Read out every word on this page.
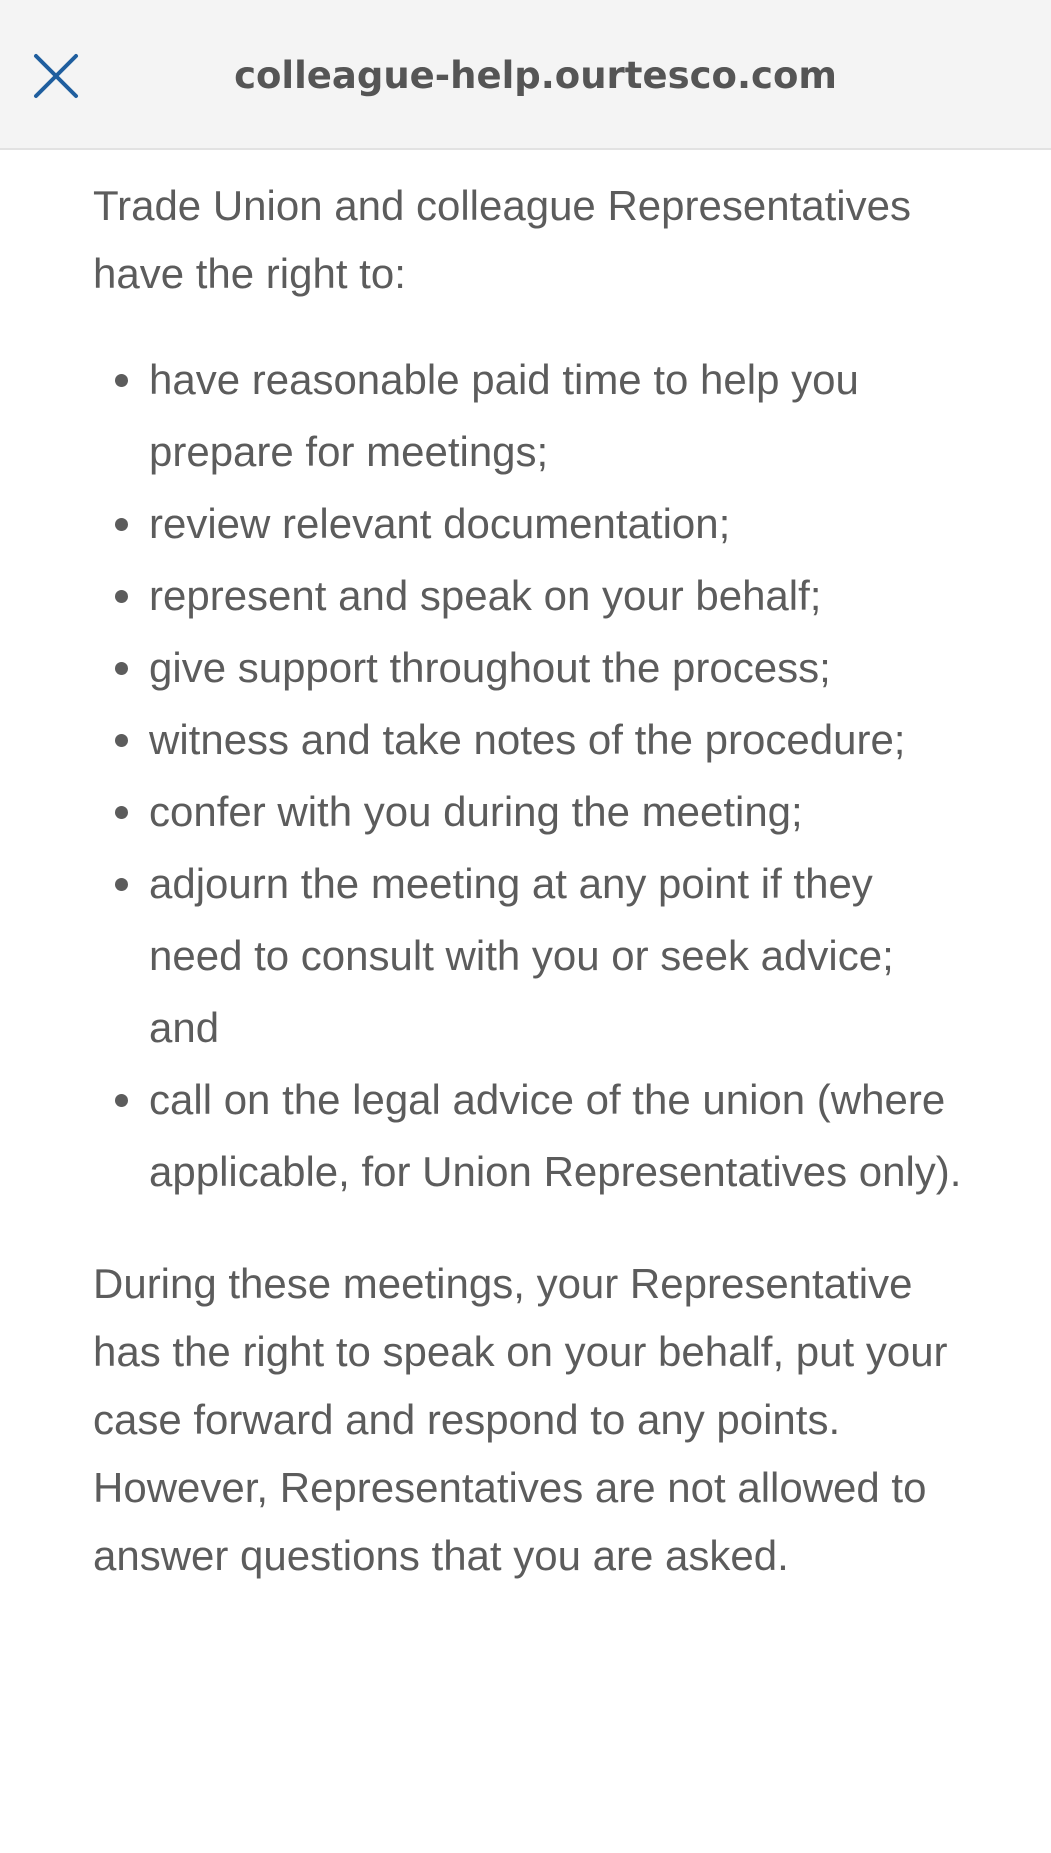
colleague-help.ourtesco.com

Trade Union and colleague Representatives have the right to:

have reasonable paid time to help you prepare for meetings;
review relevant documentation;
represent and speak on your behalf;
give support throughout the process;
witness and take notes of the procedure;
confer with you during the meeting;
adjourn the meeting at any point if they need to consult with you or seek advice; and
call on the legal advice of the union (where applicable, for Union Representatives only).

During these meetings, your Representative has the right to speak on your behalf, put your case forward and respond to any points. However, Representatives are not allowed to answer questions that you are asked.
